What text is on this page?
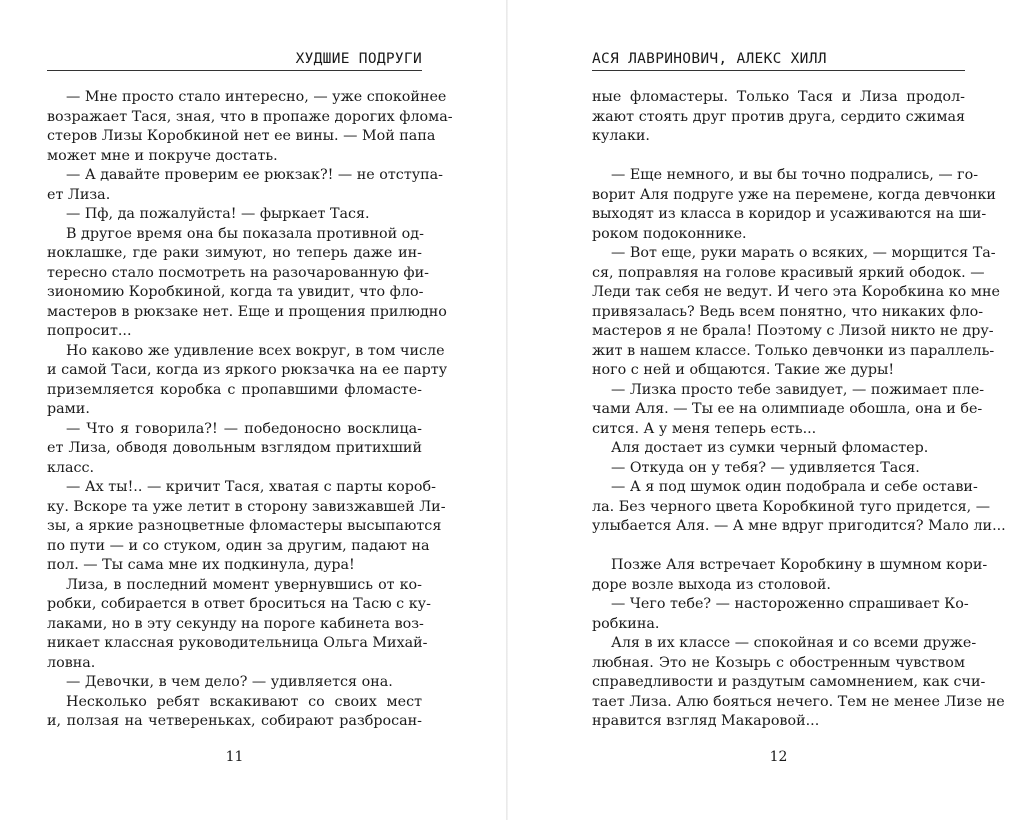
ХУДШИЕ ПОДРУГИ
— Мне просто стало интересно, — уже спокойнее
возражает Тася, зная, что в пропаже дорогих флома-
стеров Лизы Коробкиной нет ее вины. — Мой папа
может мне и покруче достать.
— А давайте проверим ее рюкзак?! — не отступа-
ет Лиза.
— Пф, да пожалуйста! — фыркает Тася.
В другое время она бы показала противной од-
ноклашке, где раки зимуют, но теперь даже ин-
тересно стало посмотреть на разочарованную фи-
зиономию Коробкиной, когда та увидит, что фло-
мастеров в рюкзаке нет. Еще и прощения прилюдно
попросит...
Но каково же удивление всех вокруг, в том числе
и самой Таси, когда из яркого рюкзачка на ее парту
приземляется коробка с пропавшими фломасте-
рами.
— Что я говорила?! — победоносно восклица-
ет Лиза, обводя довольным взглядом притихший
класс.
— Ах ты!.. — кричит Тася, хватая с парты короб-
ку. Вскоре та уже летит в сторону завизжавшей Ли-
зы, а яркие разноцветные фломастеры высыпаются
по пути — и со стуком, один за другим, падают на
пол. — Ты сама мне их подкинула, дура!
Лиза, в последний момент увернувшись от ко-
робки, собирается в ответ броситься на Тасю с ку-
лаками, но в эту секунду на пороге кабинета воз-
никает классная руководительница Ольга Михай-
ловна.
— Девочки, в чем дело? — удивляется она.
Несколько ребят вскакивают со своих мест
и, ползая на четвереньках, собирают разбросан-
11
АСЯ ЛАВРИНОВИЧ, АЛЕКС ХИЛЛ
ные фломастеры. Только Тася и Лиза продол-
жают стоять друг против друга, сердито сжимая
кулаки.
— Еще немного, и вы бы точно подрались, — го-
ворит Аля подруге уже на перемене, когда девчонки
выходят из класса в коридор и усаживаются на ши-
роком подоконнике.
— Вот еще, руки марать о всяких, — морщится Та-
ся, поправляя на голове красивый яркий ободок. —
Леди так себя не ведут. И чего эта Коробкина ко мне
привязалась? Ведь всем понятно, что никаких фло-
мастеров я не брала! Поэтому с Лизой никто не дру-
жит в нашем классе. Только девчонки из параллель-
ного с ней и общаются. Такие же дуры!
— Лизка просто тебе завидует, — пожимает пле-
чами Аля. — Ты ее на олимпиаде обошла, она и бе-
сится. А у меня теперь есть...
Аля достает из сумки черный фломастер.
— Откуда он у тебя? — удивляется Тася.
— А я под шумок один подобрала и себе остави-
ла. Без черного цвета Коробкиной туго придется, —
улыбается Аля. — А мне вдруг пригодится? Мало ли...
Позже Аля встречает Коробкину в шумном кори-
доре возле выхода из столовой.
— Чего тебе? — настороженно спрашивает Ко-
робкина.
Аля в их классе — спокойная и со всеми друже-
любная. Это не Козырь с обостренным чувством
справедливости и раздутым самомнением, как счи-
тает Лиза. Алю бояться нечего. Тем не менее Лизе не
нравится взгляд Макаровой...
12
